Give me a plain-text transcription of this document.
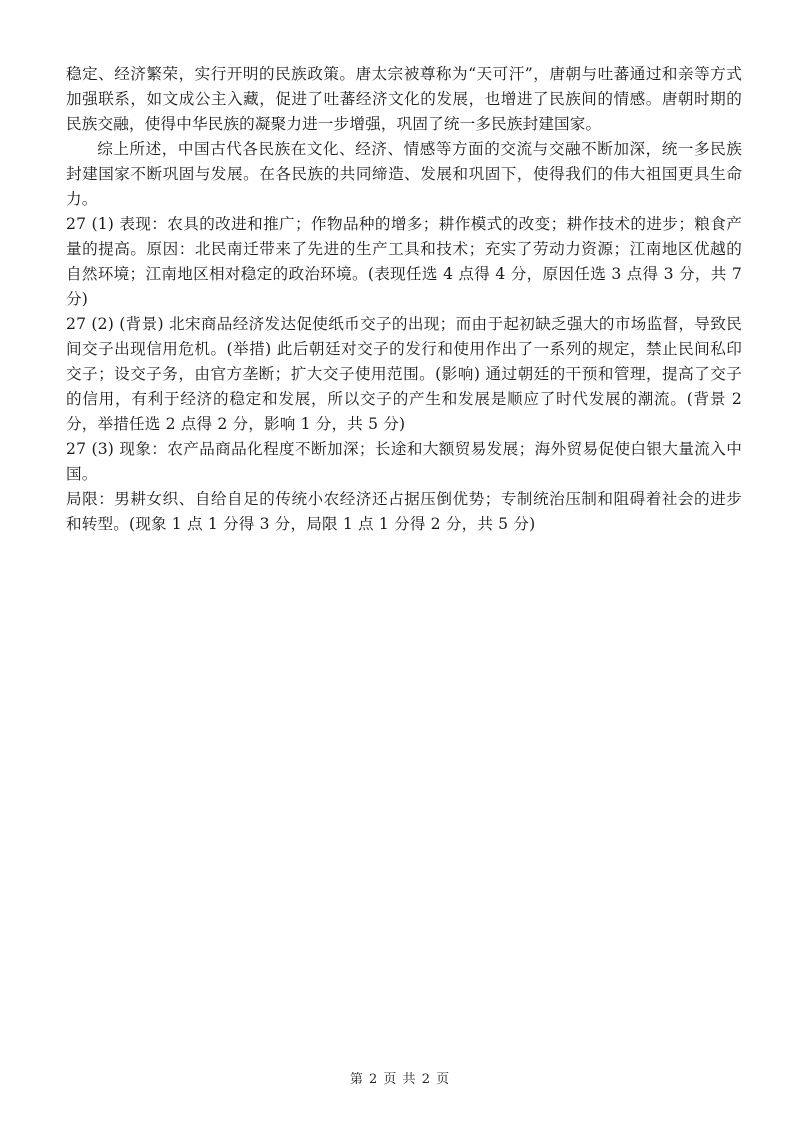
稳定、经济繁荣，实行开明的民族政策。唐太宗被尊称为“天可汗”，唐朝与吐蕃通过和亲等方式加强联系，如文成公主入藏，促进了吐蕃经济文化的发展，也增进了民族间的情感。唐朝时期的民族交融，使得中华民族的凝聚力进一步增强，巩固了统一多民族封建国家。

综上所述，中国古代各民族在文化、经济、情感等方面的交流与交融不断加深，统一多民族封建国家不断巩固与发展。在各民族的共同缔造、发展和巩固下，使得我们的伟大祖国更具生命力。

27 (1) 表现：农具的改进和推广；作物品种的增多；耕作模式的改变；耕作技术的进步；粮食产量的提高。原因：北民南迁带来了先进的生产工具和技术；充实了劳动力资源；江南地区优越的自然环境；江南地区相对稳定的政治环境。(表现任选 4 点得 4 分，原因任选 3 点得 3 分，共 7 分)

27 (2) (背景) 北宋商品经济发达促使纸币交子的出现；而由于起初缺乏强大的市场监督，导致民间交子出现信用危机。(举措) 此后朝廷对交子的发行和使用作出了一系列的规定，禁止民间私印交子；设交子务，由官方垄断；扩大交子使用范围。(影响) 通过朝廷的干预和管理，提高了交子的信用，有利于经济的稳定和发展，所以交子的产生和发展是顺应了时代发展的潮流。(背景 2 分，举措任选 2 点得 2 分，影响 1 分，共 5 分)

27 (3) 现象：农产品商品化程度不断加深；长途和大额贸易发展；海外贸易促使白银大量流入中国。

局限：男耕女织、自给自足的传统小农经济还占据压倒优势；专制统治压制和阻碍着社会的进步和转型。(现象 1 点 1 分得 3 分，局限 1 点 1 分得 2 分，共 5 分)

第 2 页 共 2 页
